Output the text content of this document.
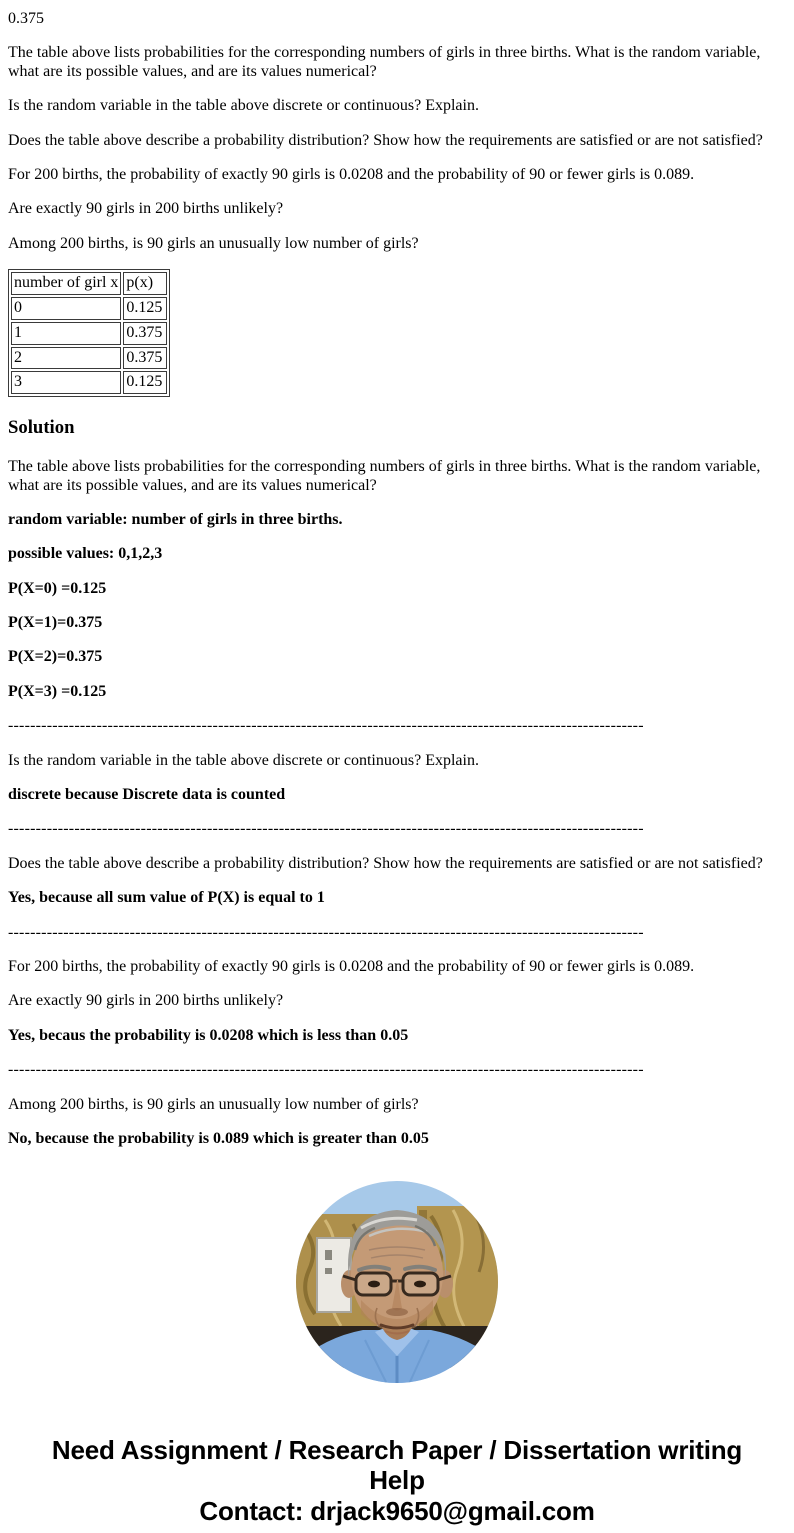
0.375

The table above lists probabilities for the corresponding numbers of girls in three births. What is the random variable, what are its possible values, and are its values numerical?

Is the random variable in the table above discrete or continuous? Explain.

Does the table above describe a probability distribution? Show how the requirements are satisfied or are not satisfied?

For 200 births, the probability of exactly 90 girls is 0.0208 and the probability of 90 or fewer girls is 0.089.

Are exactly 90 girls in 200 births unlikely?

Among 200 births, is 90 girls an unusually low number of girls?

number of girl x	p(x)
0	0.125
1	0.375
2	0.375
3	0.125
Solution

The table above lists probabilities for the corresponding numbers of girls in three births. What is the random variable, what are its possible values, and are its values numerical?

random variable: number of girls in three births.

possible values: 0,1,2,3

P(X=0) =0.125

P(X=1)=0.375

P(X=2)=0.375

P(X=3) =0.125

-------------------------------------------------------------------------------------------------------------------

Is the random variable in the table above discrete or continuous? Explain.

discrete because Discrete data is counted

-------------------------------------------------------------------------------------------------------------------

Does the table above describe a probability distribution? Show how the requirements are satisfied or are not satisfied?

Yes, because all sum value of P(X) is equal to 1

-------------------------------------------------------------------------------------------------------------------

For 200 births, the probability of exactly 90 girls is 0.0208 and the probability of 90 or fewer girls is 0.089.

Are exactly 90 girls in 200 births unlikely?

Yes, becaus the probability is 0.0208 which is less than 0.05

-------------------------------------------------------------------------------------------------------------------

Among 200 births, is 90 girls an unusually low number of girls?

No, because the probability is 0.089 which is greater than 0.05

Need Assignment / Research Paper / Dissertation writing Help
Contact: drjack9650@gmail.com
